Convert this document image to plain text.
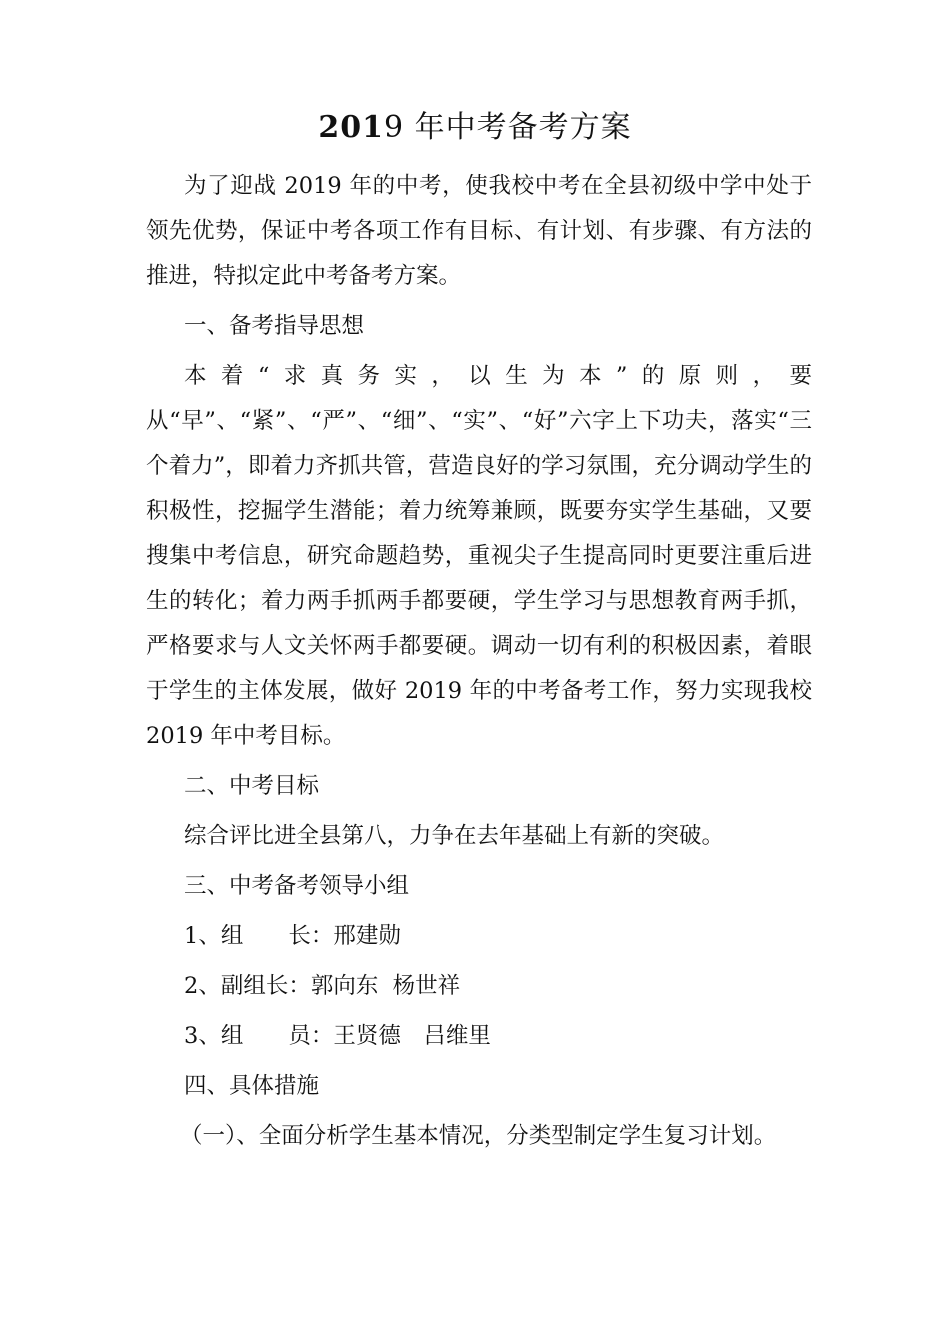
2019 年中考备考方案
为了迎战 2019 年的中考，使我校中考在全县初级中学中处于领先优势，保证中考各项工作有目标、有计划、有步骤、有方法的推进，特拟定此中考备考方案。
一、备考指导思想
本着“求真务实，以生为本”的原则，要从“早”、“紧”、“严”、“细”、“实”、“好”六字上下功夫，落实“三个着力”，即着力齐抓共管，营造良好的学习氛围，充分调动学生的积极性，挖掘学生潜能；着力统筹兼顾，既要夯实学生基础，又要搜集中考信息，研究命题趋势，重视尖子生提高同时更要注重后进生的转化；着力两手抓两手都要硬，学生学习与思想教育两手抓，严格要求与人文关怀两手都要硬。调动一切有利的积极因素，着眼于学生的主体发展，做好 2019 年的中考备考工作，努力实现我校 2019 年中考目标。
二、中考目标
综合评比进全县第八，力争在去年基础上有新的突破。
三、中考备考领导小组
1、组　　长：邢建勋
2、副组长：郭向东  杨世祥
3、组　　员：王贤德　吕维里
四、具体措施
（一）、全面分析学生基本情况，分类型制定学生复习计划。
